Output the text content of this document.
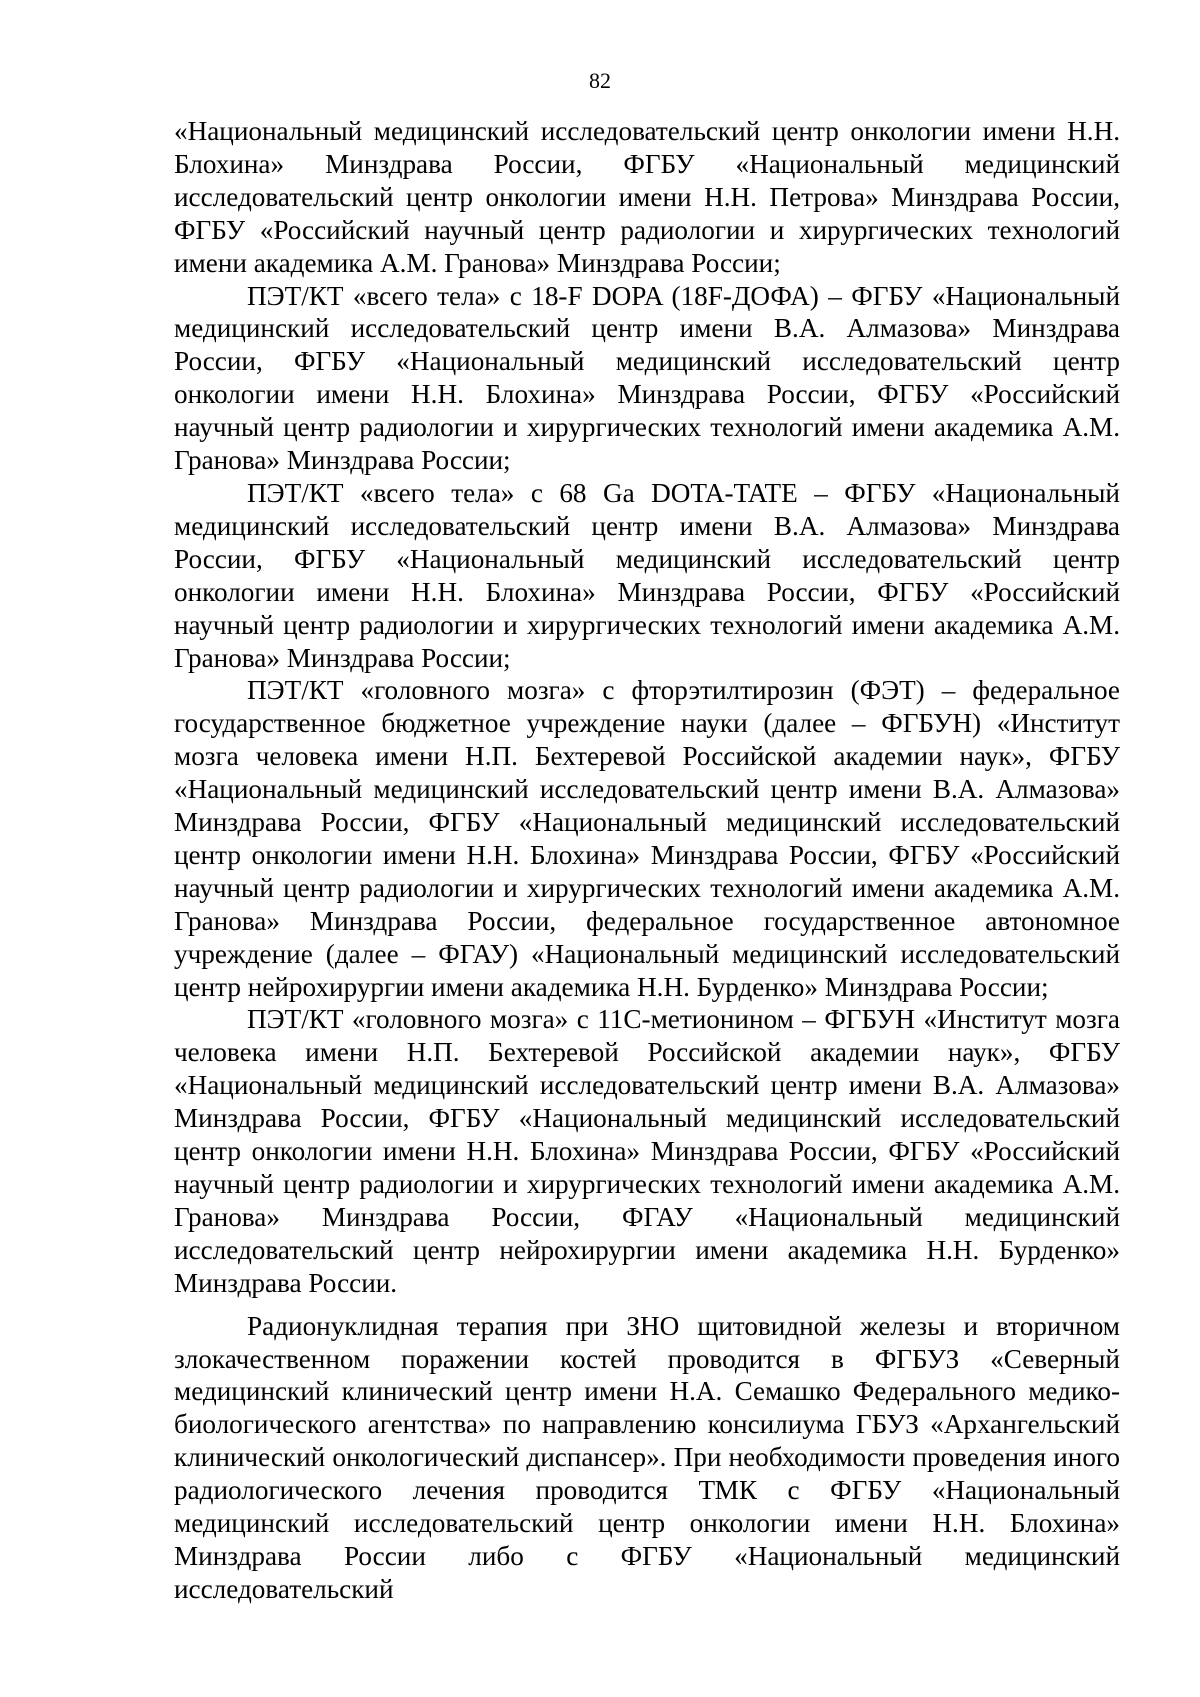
82

«Национальный медицинский исследовательский центр онкологии имени Н.Н. Блохина» Минздрава России, ФГБУ «Национальный медицинский исследовательский центр онкологии имени Н.Н. Петрова» Минздрава России, ФГБУ «Российский научный центр радиологии и хирургических технологий имени академика А.М. Гранова» Минздрава России;

ПЭТ/КТ «всего тела» с 18-F DOPA (18F-ДОФА) – ФГБУ «Национальный медицинский исследовательский центр имени В.А. Алмазова» Минздрава России, ФГБУ «Национальный медицинский исследовательский центр онкологии имени Н.Н. Блохина» Минздрава России, ФГБУ «Российский научный центр радиологии и хирургических технологий имени академика А.М. Гранова» Минздрава России;

ПЭТ/КТ «всего тела» с 68 Ga DOTA-TATE – ФГБУ «Национальный медицинский исследовательский центр имени В.А. Алмазова» Минздрава России, ФГБУ «Национальный медицинский исследовательский центр онкологии имени Н.Н. Блохина» Минздрава России, ФГБУ «Российский научный центр радиологии и хирургических технологий имени академика А.М. Гранова» Минздрава России;

ПЭТ/КТ «головного мозга» с фторэтилтирозин (ФЭТ) – федеральное государственное бюджетное учреждение науки (далее – ФГБУН) «Институт мозга человека имени Н.П. Бехтеревой Российской академии наук», ФГБУ «Национальный медицинский исследовательский центр имени В.А. Алмазова» Минздрава России, ФГБУ «Национальный медицинский исследовательский центр онкологии имени Н.Н. Блохина» Минздрава России, ФГБУ «Российский научный центр радиологии и хирургических технологий имени академика А.М. Гранова» Минздрава России, федеральное государственное автономное учреждение (далее – ФГАУ) «Национальный медицинский исследовательский центр нейрохирургии имени академика Н.Н. Бурденко» Минздрава России;

ПЭТ/КТ «головного мозга» с 11С-метионином – ФГБУН «Институт мозга человека имени Н.П. Бехтеревой Российской академии наук», ФГБУ «Национальный медицинский исследовательский центр имени В.А. Алмазова» Минздрава России, ФГБУ «Национальный медицинский исследовательский центр онкологии имени Н.Н. Блохина» Минздрава России, ФГБУ «Российский научный центр радиологии и хирургических технологий имени академика А.М. Гранова» Минздрава России, ФГАУ «Национальный медицинский исследовательский центр нейрохирургии имени академика Н.Н. Бурденко» Минздрава России.

Радионуклидная терапия при ЗНО щитовидной железы и вторичном злокачественном поражении костей проводится в ФГБУЗ «Северный медицинский клинический центр имени Н.А. Семашко Федерального медико-биологического агентства» по направлению консилиума ГБУЗ «Архангельский клинический онкологический диспансер». При необходимости проведения иного радиологического лечения проводится ТМК с ФГБУ «Национальный медицинский исследовательский центр онкологии имени Н.Н. Блохина» Минздрава России либо с ФГБУ «Национальный медицинский исследовательский
